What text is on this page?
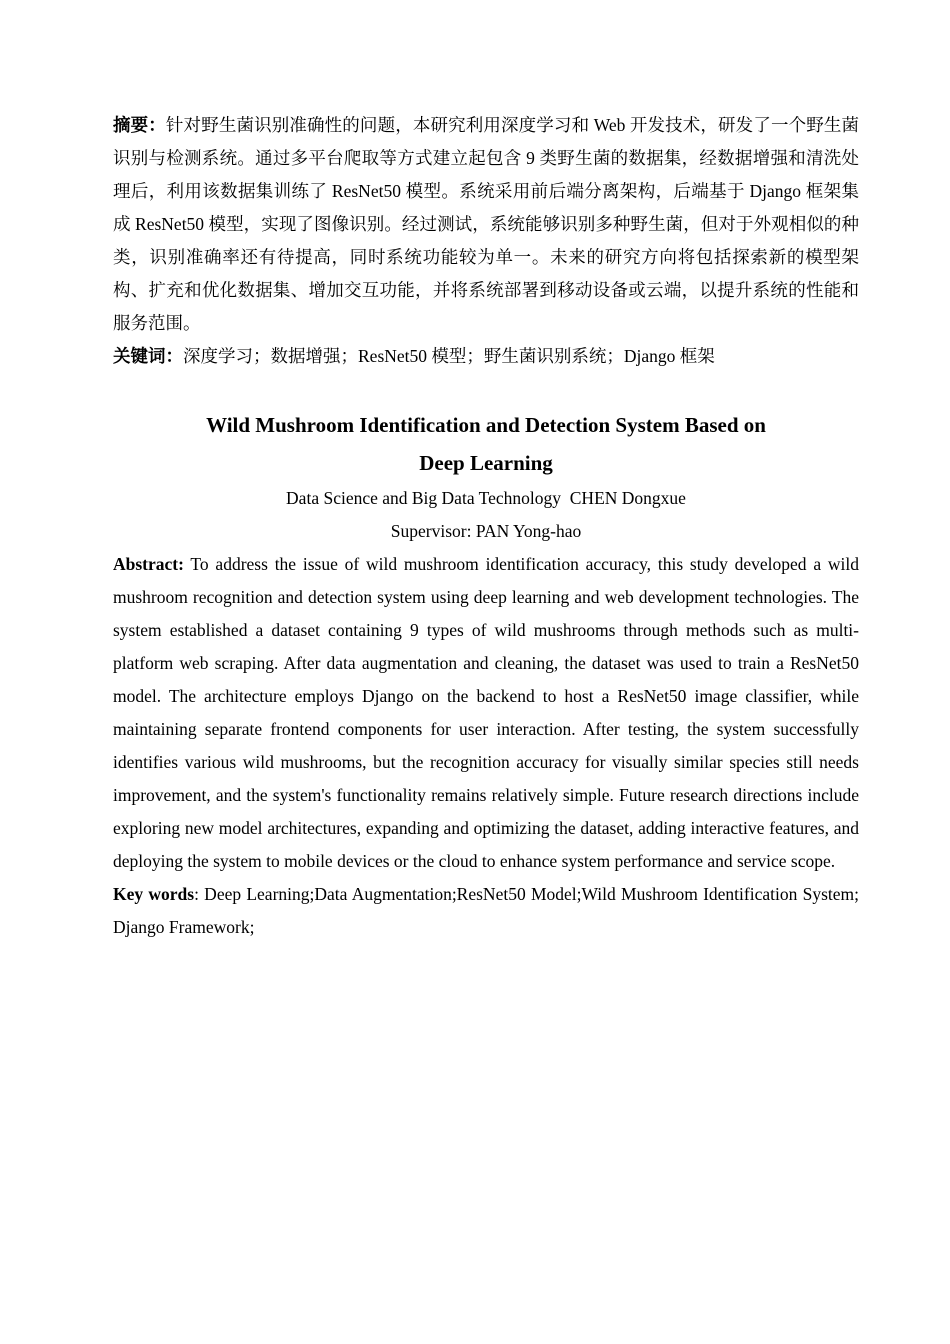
摘要：针对野生菌识别准确性的问题，本研究利用深度学习和 Web 开发技术，研发了一个野生菌识别与检测系统。通过多平台爬取等方式建立起包含 9 类野生菌的数据集，经数据增强和清洗处理后，利用该数据集训练了 ResNet50 模型。系统采用前后端分离架构，后端基于 Django 框架集成 ResNet50 模型，实现了图像识别。经过测试，系统能够识别多种野生菌，但对于外观相似的种类，识别准确率还有待提高，同时系统功能较为单一。未来的研究方向将包括探索新的模型架构、扩充和优化数据集、增加交互功能，并将系统部署到移动设备或云端，以提升系统的性能和服务范围。

关键词：深度学习；数据增强；ResNet50 模型；野生菌识别系统；Django 框架

Wild Mushroom Identification and Detection System Based on
Deep Learning

Data Science and Big Data Technology  CHEN Dongxue

Supervisor: PAN Yong-hao

Abstract: To address the issue of wild mushroom identification accuracy, this study developed a wild mushroom recognition and detection system using deep learning and web development technologies. The system established a dataset containing 9 types of wild mushrooms through methods such as multi-platform web scraping. After data augmentation and cleaning, the dataset was used to train a ResNet50 model. The architecture employs Django on the backend to host a ResNet50 image classifier, while maintaining separate frontend components for user interaction. After testing, the system successfully identifies various wild mushrooms, but the recognition accuracy for visually similar species still needs improvement, and the system's functionality remains relatively simple. Future research directions include exploring new model architectures, expanding and optimizing the dataset, adding interactive features, and deploying the system to mobile devices or the cloud to enhance system performance and service scope.

Key words: Deep Learning;Data Augmentation;ResNet50 Model;Wild Mushroom Identification System; Django Framework;
